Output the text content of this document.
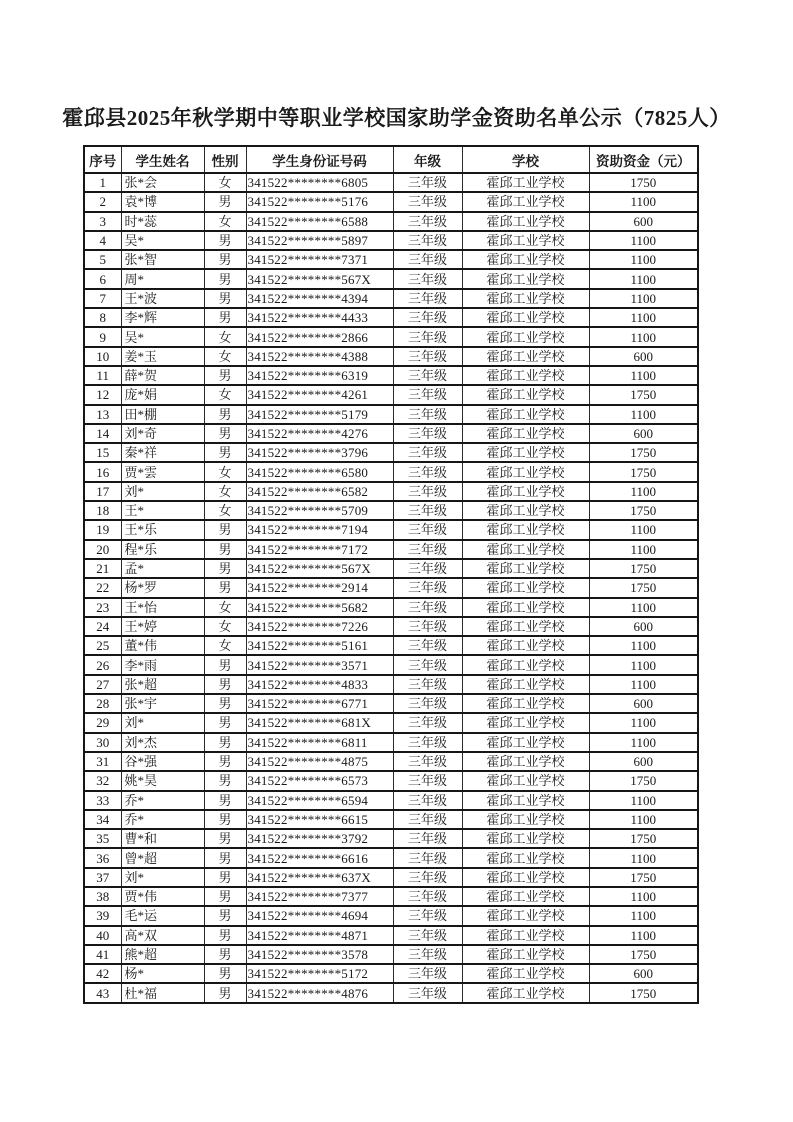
霍邱县2025年秋学期中等职业学校国家助学金资助名单公示（7825人）
序号	学生姓名	性别	学生身份证号码	年级	学校	资助资金（元）
1	张*会	女	341522********6805	三年级	霍邱工业学校	1750
2	袁*博	男	341522********5176	三年级	霍邱工业学校	1100
3	时*蕊	女	341522********6588	三年级	霍邱工业学校	600
4	吴*	男	341522********5897	三年级	霍邱工业学校	1100
5	张*智	男	341522********7371	三年级	霍邱工业学校	1100
6	周*	男	341522********567X	三年级	霍邱工业学校	1100
7	王*波	男	341522********4394	三年级	霍邱工业学校	1100
8	李*辉	男	341522********4433	三年级	霍邱工业学校	1100
9	吴*	女	341522********2866	三年级	霍邱工业学校	1100
10	姜*玉	女	341522********4388	三年级	霍邱工业学校	600
11	薛*贺	男	341522********6319	三年级	霍邱工业学校	1100
12	庞*娟	女	341522********4261	三年级	霍邱工业学校	1750
13	田*棚	男	341522********5179	三年级	霍邱工业学校	1100
14	刘*奇	男	341522********4276	三年级	霍邱工业学校	600
15	秦*祥	男	341522********3796	三年级	霍邱工业学校	1750
16	贾*雲	女	341522********6580	三年级	霍邱工业学校	1750
17	刘*	女	341522********6582	三年级	霍邱工业学校	1100
18	王*	女	341522********5709	三年级	霍邱工业学校	1750
19	王*乐	男	341522********7194	三年级	霍邱工业学校	1100
20	程*乐	男	341522********7172	三年级	霍邱工业学校	1100
21	孟*	男	341522********567X	三年级	霍邱工业学校	1750
22	杨*罗	男	341522********2914	三年级	霍邱工业学校	1750
23	王*怡	女	341522********5682	三年级	霍邱工业学校	1100
24	王*婷	女	341522********7226	三年级	霍邱工业学校	600
25	董*伟	女	341522********5161	三年级	霍邱工业学校	1100
26	李*雨	男	341522********3571	三年级	霍邱工业学校	1100
27	张*超	男	341522********4833	三年级	霍邱工业学校	1100
28	张*宇	男	341522********6771	三年级	霍邱工业学校	600
29	刘*	男	341522********681X	三年级	霍邱工业学校	1100
30	刘*杰	男	341522********6811	三年级	霍邱工业学校	1100
31	谷*强	男	341522********4875	三年级	霍邱工业学校	600
32	姚*昊	男	341522********6573	三年级	霍邱工业学校	1750
33	乔*	男	341522********6594	三年级	霍邱工业学校	1100
34	乔*	男	341522********6615	三年级	霍邱工业学校	1100
35	曹*和	男	341522********3792	三年级	霍邱工业学校	1750
36	曾*超	男	341522********6616	三年级	霍邱工业学校	1100
37	刘*	男	341522********637X	三年级	霍邱工业学校	1750
38	贾*伟	男	341522********7377	三年级	霍邱工业学校	1100
39	毛*运	男	341522********4694	三年级	霍邱工业学校	1100
40	高*双	男	341522********4871	三年级	霍邱工业学校	1100
41	熊*超	男	341522********3578	三年级	霍邱工业学校	1750
42	杨*	男	341522********5172	三年级	霍邱工业学校	600
43	杜*福	男	341522********4876	三年级	霍邱工业学校	1750
